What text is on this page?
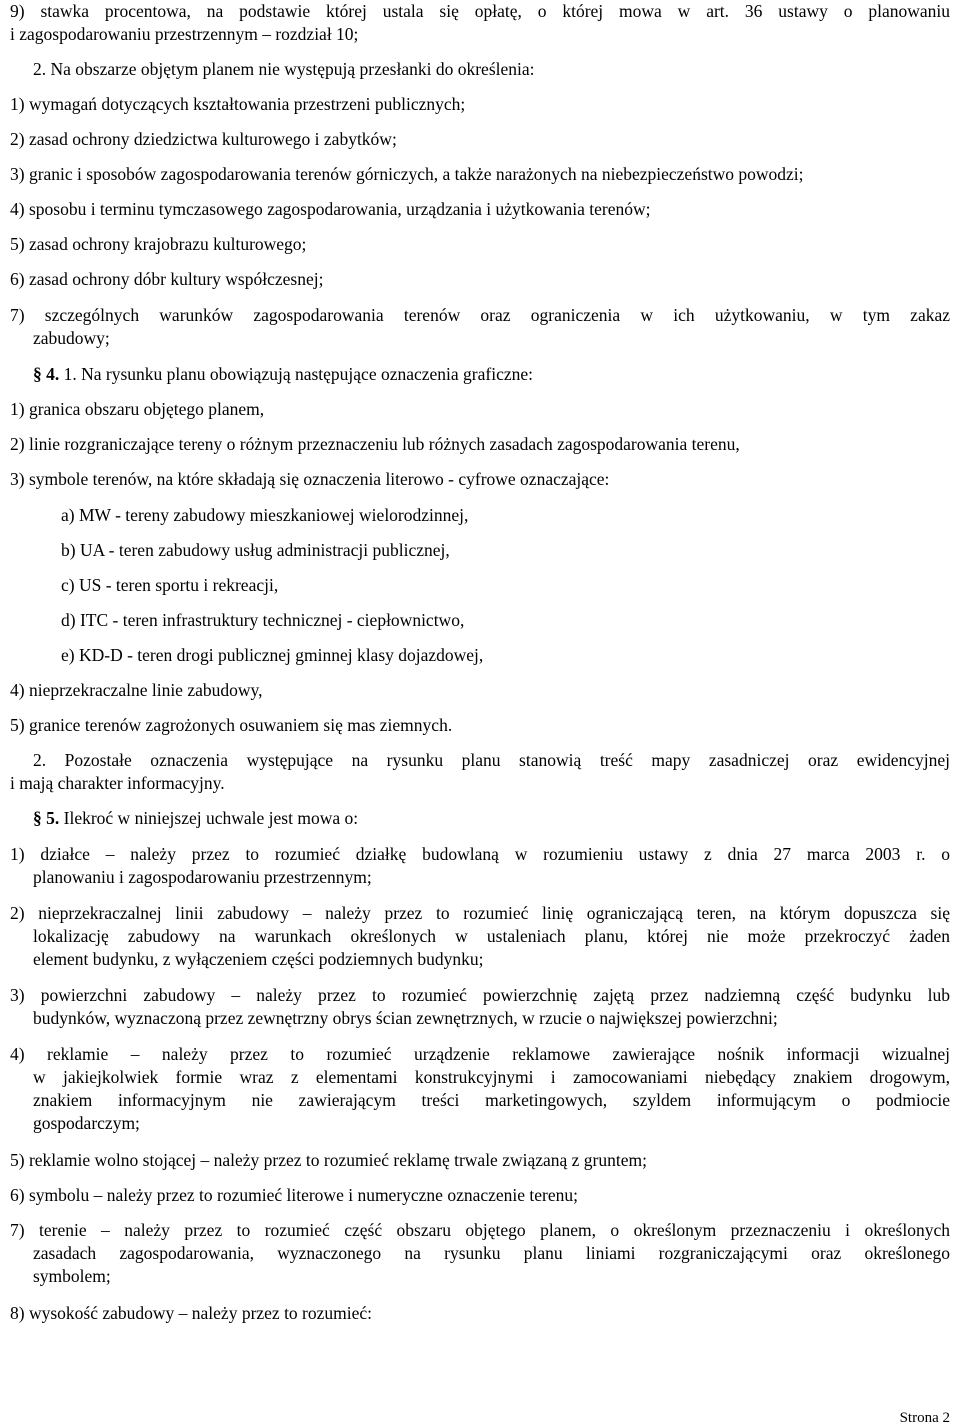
9) stawka procentowa, na podstawie której ustala się opłatę, o której mowa w art. 36 ustawy o planowaniu
i zagospodarowaniu przestrzennym – rozdział 10;
2. Na obszarze objętym planem nie występują przesłanki do określenia:
1) wymagań dotyczących kształtowania przestrzeni publicznych;
2) zasad ochrony dziedzictwa kulturowego i zabytków;
3) granic i sposobów zagospodarowania terenów górniczych, a także narażonych na niebezpieczeństwo powodzi;
4) sposobu i terminu tymczasowego zagospodarowania, urządzania i użytkowania terenów;
5) zasad ochrony krajobrazu kulturowego;
6) zasad ochrony dóbr kultury współczesnej;
7) szczególnych warunków zagospodarowania terenów oraz ograniczenia w ich użytkowaniu, w tym zakaz
zabudowy;
§ 4. 1. Na rysunku planu obowiązują następujące oznaczenia graficzne:
1) granica obszaru objętego planem,
2) linie rozgraniczające tereny o różnym przeznaczeniu lub różnych zasadach zagospodarowania terenu,
3) symbole terenów, na które składają się oznaczenia literowo - cyfrowe oznaczające:
a) MW - tereny zabudowy mieszkaniowej wielorodzinnej,
b) UA - teren zabudowy usług administracji publicznej,
c) US - teren sportu i rekreacji,
d) ITC - teren infrastruktury technicznej - ciepłownictwo,
e) KD-D - teren drogi publicznej gminnej klasy dojazdowej,
4) nieprzekraczalne linie zabudowy,
5) granice terenów zagrożonych osuwaniem się mas ziemnych.
2. Pozostałe oznaczenia występujące na rysunku planu stanowią treść mapy zasadniczej oraz ewidencyjnej
i mają charakter informacyjny.
§ 5. Ilekroć w niniejszej uchwale jest mowa o:
1) działce – należy przez to rozumieć działkę budowlaną w rozumieniu ustawy z dnia 27 marca 2003 r. o
planowaniu i zagospodarowaniu przestrzennym;
2) nieprzekraczalnej linii zabudowy – należy przez to rozumieć linię ograniczającą teren, na którym dopuszcza się
lokalizację zabudowy na warunkach określonych w ustaleniach planu, której nie może przekroczyć żaden
element budynku, z wyłączeniem części podziemnych budynku;
3) powierzchni zabudowy – należy przez to rozumieć powierzchnię zajętą przez nadziemną część budynku lub
budynków, wyznaczoną przez zewnętrzny obrys ścian zewnętrznych, w rzucie o największej powierzchni;
4) reklamie – należy przez to rozumieć urządzenie reklamowe zawierające nośnik informacji wizualnej
w jakiejkolwiek formie wraz z elementami konstrukcyjnymi i zamocowaniami niebędący znakiem drogowym,
znakiem informacyjnym nie zawierającym treści marketingowych, szyldem informującym o podmiocie
gospodarczym;
5) reklamie wolno stojącej – należy przez to rozumieć reklamę trwale związaną z gruntem;
6) symbolu – należy przez to rozumieć literowe i numeryczne oznaczenie terenu;
7) terenie – należy przez to rozumieć część obszaru objętego planem, o określonym przeznaczeniu i określonych
zasadach zagospodarowania, wyznaczonego na rysunku planu liniami rozgraniczającymi oraz określonego
symbolem;
8) wysokość zabudowy – należy przez to rozumieć:
Strona 2
